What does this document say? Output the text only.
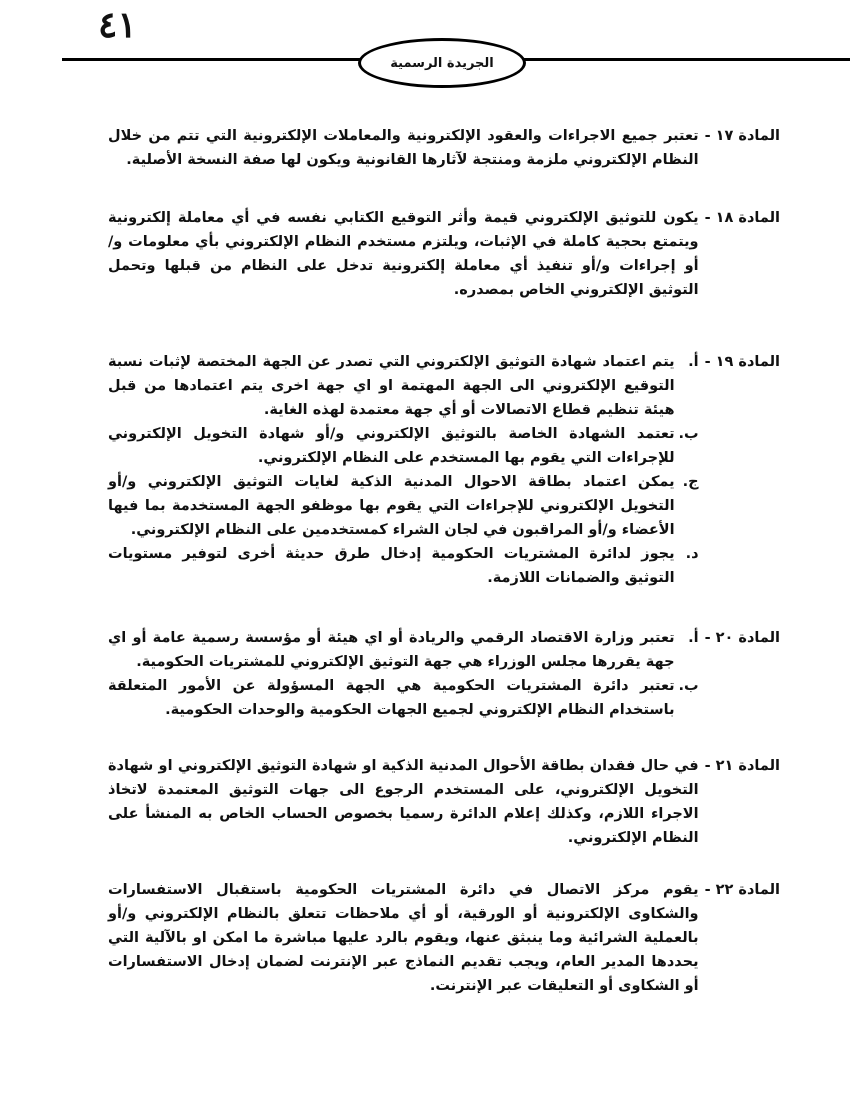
٤١
الجريدة الرسمية
المادة ١٧ -

تعتبر جميع الاجراءات والعقود الإلكترونية والمعاملات الإلكترونية التي تتم من خلال النظام الإلكتروني ملزمة ومنتجة لآثارها القانونية ويكون لها صفة النسخة الأصلية.

المادة ١٨ -

يكون للتوثيق الإلكتروني قيمة وأثر التوقيع الكتابي نفسه في أي معاملة إلكترونية ويتمتع بحجية كاملة في الإثبات، ويلتزم مستخدم النظام الإلكتروني بأي معلومات و/أو إجراءات و/أو تنفيذ أي معاملة إلكترونية تدخل على النظام من قبلها وتحمل التوثيق الإلكتروني الخاص بمصدره.

المادة ١٩ -
أ.

يتم اعتماد شهادة التوثيق الإلكتروني التي تصدر عن الجهة المختصة لإثبات نسبة التوقيع الإلكتروني الى الجهة المهتمة او اي جهة اخرى يتم اعتمادها من قبل هيئة تنظيم قطاع الاتصالات أو أي جهة معتمدة لهذه الغاية.

ب.

تعتمد الشهادة الخاصة بالتوثيق الإلكتروني و/أو شهادة التخويل الإلكتروني للإجراءات التي يقوم بها المستخدم على النظام الإلكتروني.

ج.

يمكن اعتماد بطاقة الاحوال المدنية الذكية لغايات التوثيق الإلكتروني و/أو التخويل الإلكتروني للإجراءات التي يقوم بها موظفو الجهة المستخدمة بما فيها الأعضاء و/أو المراقبون في لجان الشراء كمستخدمين على النظام الإلكتروني.

د.

يجوز لدائرة المشتريات الحكومية إدخال طرق حديثة أخرى لتوفير مستويات التوثيق والضمانات اللازمة.

المادة ٢٠ -
أ.

تعتبر وزارة الاقتصاد الرقمي والريادة أو اي هيئة أو مؤسسة رسمية عامة أو اي جهة يقررها مجلس الوزراء هي جهة التوثيق الإلكتروني للمشتريات الحكومية.

ب.

تعتبر دائرة المشتريات الحكومية هي الجهة المسؤولة عن الأمور المتعلقة باستخدام النظام الإلكتروني لجميع الجهات الحكومية والوحدات الحكومية.

المادة ٢١ -

في حال فقدان بطاقة الأحوال المدنية الذكية او شهادة التوثيق الإلكتروني او شهادة التخويل الإلكتروني، على المستخدم الرجوع الى جهات التوثيق المعتمدة لاتخاذ الاجراء اللازم، وكذلك إعلام الدائرة رسميا بخصوص الحساب الخاص به المنشأ على النظام الإلكتروني.

المادة ٢٢ -

يقوم مركز الاتصال في دائرة المشتريات الحكومية باستقبال الاستفسارات والشكاوى الإلكترونية أو الورقية، أو أي ملاحظات تتعلق بالنظام الإلكتروني و/أو بالعملية الشرائية وما ينبثق عنها، ويقوم بالرد عليها مباشرة ما امكن او بالآلية التي يحددها المدير العام، ويجب تقديم النماذج عبر الإنترنت لضمان إدخال الاستفسارات أو الشكاوى أو التعليقات عبر الإنترنت.
